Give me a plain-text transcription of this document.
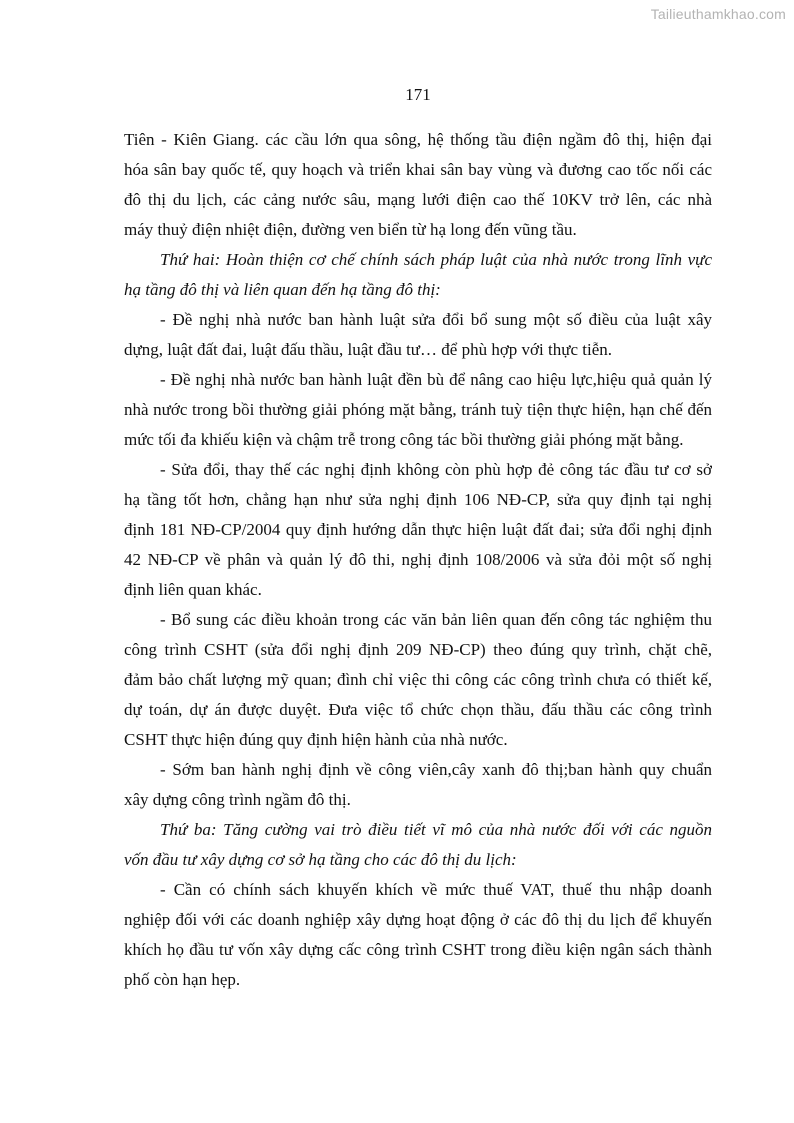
Tailieuthamkhao.com
171
Tiên - Kiên Giang. các cầu lớn qua sông, hệ thống tầu điện ngầm đô thị, hiện đại
hóa sân bay quốc tế, quy hoạch và triển khai sân bay vùng và đương cao tốc nối các
đô thị du lịch, các cảng nước sâu, mạng lưới điện cao thế 10KV trở lên, các nhà
máy thuỷ điện nhiệt điện, đường ven biển từ hạ long đến vũng tầu.
Thứ hai: Hoàn thiện cơ chế chính sách pháp luật của nhà nước trong lĩnh vực
hạ tầng đô thị và liên quan đến hạ tầng đô thị:
- Đề nghị nhà nước ban hành luật sửa đổi bổ sung một số điều của luật xây
dựng, luật đất đai, luật đấu thầu, luật đầu tư… để phù hợp với thực tiễn.
- Đề nghị nhà nước ban hành luật đền bù để nâng cao hiệu lực,hiệu quả quản lý
nhà nước trong bồi thường giải phóng mặt bằng, tránh tuỳ tiện thực hiện, hạn chế đến
mức tối đa khiếu kiện và chậm trễ trong công tác bồi thường giải phóng mặt bằng.
- Sửa đổi, thay thế các nghị định không còn phù hợp đẻ công tác đầu tư cơ sở
hạ tầng tốt hơn, chẳng hạn như sửa nghị định 106 NĐ-CP, sửa quy định tại nghị
định 181 NĐ-CP/2004 quy định hướng dẫn thực hiện luật đất đai; sửa đổi nghị định
42 NĐ-CP về phân và quản lý đô thi, nghị định 108/2006 và sửa đỏi một số nghị
định liên quan khác.
- Bổ sung các điều khoản trong các văn bản liên quan đến công tác nghiệm thu
công trình CSHT (sửa đổi nghị định 209 NĐ-CP) theo đúng quy trình, chặt chẽ,
đảm bảo chất lượng mỹ quan; đình chỉ việc thi công các công trình chưa có thiết kế,
dự toán, dự án được duyệt. Đưa việc tổ chức chọn thầu, đấu thầu các công trình
CSHT thực hiện đúng quy định hiện hành của nhà nước.
- Sớm ban hành nghị định về công viên,cây xanh đô thị;ban hành quy chuẩn
xây dựng công trình ngầm đô thị.
Thứ ba: Tăng cường vai trò điều tiết vĩ mô của nhà nước đối với các nguồn
vốn đầu tư xây dựng cơ sở hạ tầng cho các đô thị du lịch:
- Cần có chính sách khuyến khích về mức thuế VAT, thuế thu nhập doanh
nghiệp đối với các doanh nghiệp xây dựng hoạt động ở các đô thị du lịch để khuyến
khích họ đầu tư vốn xây dựng cấc công trình CSHT trong điều kiện ngân sách thành
phố còn hạn hẹp.
